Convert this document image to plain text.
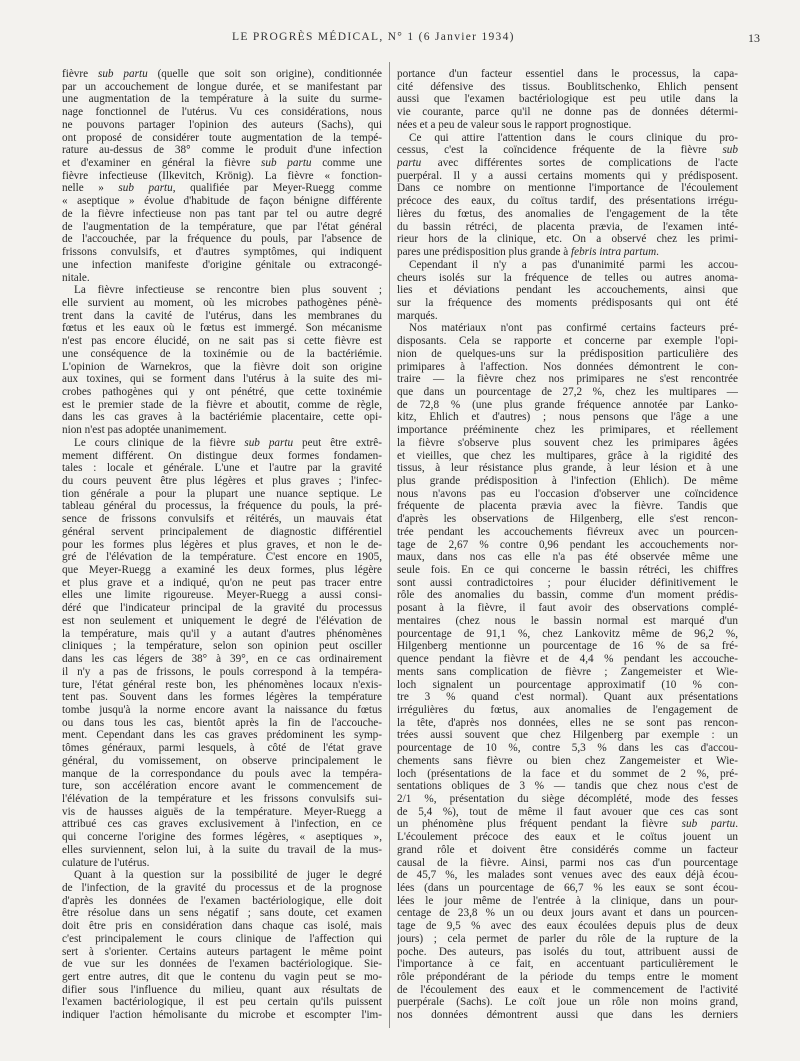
LE PROGRÈS MÉDICAL, N° 1 (6 Janvier 1934)	13
fièvre sub partu (quelle que soit son origine), conditionnée
par un accouchement de longue durée, et se manifestant par
une augmentation de la température à la suite du surme-
nage fonctionnel de l'utérus. Vu ces considérations, nous
ne pouvons partager l'opinion des auteurs (Sachs), qui
ont proposé de considérer toute augmentation de la tempé-
rature au-dessus de 38° comme le produit d'une infection
et d'examiner en général la fièvre sub partu comme une
fièvre infectieuse (Ilkevitch, Krönig). La fièvre « fonction-
nelle » sub partu, qualifiée par Meyer-Ruegg comme
« aseptique » évolue d'habitude de façon bénigne différente
de la fièvre infectieuse non pas tant par tel ou autre degré
de l'augmentation de la température, que par l'état général
de l'accouchée, par la fréquence du pouls, par l'absence de
frissons convulsifs, et d'autres symptômes, qui indiquent
une infection manifeste d'origine génitale ou extracongé-
nitale.
La fièvre infectieuse se rencontre bien plus souvent ;
elle survient au moment, où les microbes pathogènes pénè-
trent dans la cavité de l'utérus, dans les membranes du
fœtus et les eaux où le fœtus est immergé. Son mécanisme
n'est pas encore élucidé, on ne sait pas si cette fièvre est
une conséquence de la toxinémie ou de la bactériémie.
L'opinion de Warnekros, que la fièvre doit son origine
aux toxines, qui se forment dans l'utérus à la suite des mi-
crobes pathogènes qui y ont pénétré, que cette toxinémie
est le premier stade de la fièvre et aboutit, comme de règle,
dans les cas graves à la bactériémie placentaire, cette opi-
nion n'est pas adoptée unanimement.
Le cours clinique de la fièvre sub partu peut être extrê-
mement différent. On distingue deux formes fondamen-
tales : locale et générale. L'une et l'autre par la gravité
du cours peuvent être plus légères et plus graves ; l'infec-
tion générale a pour la plupart une nuance septique. Le
tableau général du processus, la fréquence du pouls, la pré-
sence de frissons convulsifs et réitérés, un mauvais état
général servent principalement de diagnostic différentiel
pour les formes plus légères et plus graves, et non le de-
gré de l'élévation de la température. C'est encore en 1905,
que Meyer-Ruegg a examiné les deux formes, plus légère
et plus grave et a indiqué, qu'on ne peut pas tracer entre
elles une limite rigoureuse. Meyer-Ruegg a aussi consi-
déré que l'indicateur principal de la gravité du processus
est non seulement et uniquement le degré de l'élévation de
la température, mais qu'il y a autant d'autres phénomènes
cliniques ; la température, selon son opinion peut osciller
dans les cas légers de 38° à 39°, en ce cas ordinairement
il n'y a pas de frissons, le pouls correspond à la tempéra-
ture, l'état général reste bon, les phénomènes locaux n'exis-
tent pas. Souvent dans les formes légères la température
tombe jusqu'à la norme encore avant la naissance du fœtus
ou dans tous les cas, bientôt après la fin de l'accouche-
ment. Cependant dans les cas graves prédominent les symp-
tômes généraux, parmi lesquels, à côté de l'état grave
général, du vomissement, on observe principalement le
manque de la correspondance du pouls avec la tempéra-
ture, son accélération encore avant le commencement de
l'élévation de la température et les frissons convulsifs sui-
vis de hausses aiguës de la température. Meyer-Ruegg a
attribué ces cas graves exclusivement à l'infection, en ce
qui concerne l'origine des formes légères, « aseptiques »,
elles surviennent, selon lui, à la suite du travail de la mus-
culature de l'utérus.
Quant à la question sur la possibilité de juger le degré
de l'infection, de la gravité du processus et de la prognose
d'après les données de l'examen bactériologique, elle doit
être résolue dans un sens négatif ; sans doute, cet examen
doit être pris en considération dans chaque cas isolé, mais
c'est principalement le cours clinique de l'affection qui
sert à s'orienter. Certains auteurs partagent le même point
de vue sur les données de l'examen bactériologique. Sie-
gert entre autres, dit que le contenu du vagin peut se mo-
difier sous l'influence du milieu, quant aux résultats de
l'examen bactériologique, il est peu certain qu'ils puissent
indiquer l'action hémolisante du microbe et escompter l'im-
portance d'un facteur essentiel dans le processus, la capa-
cité défensive des tissus. Boublitschenko, Ehlich pensent
aussi que l'examen bactériologique est peu utile dans la
vie courante, parce qu'il ne donne pas de données détermi-
nées et a peu de valeur sous le rapport prognostique.
Ce qui attire l'attention dans le cours clinique du pro-
cessus, c'est la coïncidence fréquente de la fièvre sub
partu avec différentes sortes de complications de l'acte
puerpéral. Il y a aussi certains moments qui y prédisposent.
Dans ce nombre on mentionne l'importance de l'écoulement
précoce des eaux, du coïtus tardif, des présentations irrégu-
lières du fœtus, des anomalies de l'engagement de la tête
du bassin rétréci, de placenta prævia, de l'examen inté-
rieur hors de la clinique, etc. On a observé chez les primi-
pares une prédisposition plus grande à febris intra partum.
Cependant il n'y a pas d'unanimité parmi les accou-
cheurs isolés sur la fréquence de telles ou autres anoma-
lies et déviations pendant les accouchements, ainsi que
sur la fréquence des moments prédisposants qui ont été
marqués.
Nos matériaux n'ont pas confirmé certains facteurs pré-
disposants. Cela se rapporte et concerne par exemple l'opi-
nion de quelques-uns sur la prédisposition particulière des
primipares à l'affection. Nos données démontrent le con-
traire — la fièvre chez nos primipares ne s'est rencontrée
que dans un pourcentage de 27,2 %, chez les multipares —
de 72,8 % (une plus grande fréquence annotée par Lanko-
kitz, Ehlich et d'autres) ; nous pensons que l'âge a une
importance prééminente chez les primipares, et réellement
la fièvre s'observe plus souvent chez les primipares âgées
et vieilles, que chez les multipares, grâce à la rigidité des
tissus, à leur résistance plus grande, à leur lésion et à une
plus grande prédisposition à l'infection (Ehlich). De même
nous n'avons pas eu l'occasion d'observer une coïncidence
fréquente de placenta prævia avec la fièvre. Tandis que
d'après les observations de Hilgenberg, elle s'est rencon-
trée pendant les accouchements fiévreux avec un pourcen-
tage de 2,67 % contre 0,96 pendant les accouchements nor-
maux, dans nos cas elle n'a pas été observée même une
seule fois. En ce qui concerne le bassin rétréci, les chiffres
sont aussi contradictoires ; pour élucider définitivement le
rôle des anomalies du bassin, comme d'un moment prédis-
posant à la fièvre, il faut avoir des observations complé-
mentaires (chez nous le bassin normal est marqué d'un
pourcentage de 91,1 %, chez Lankovitz même de 96,2 %,
Hilgenberg mentionne un pourcentage de 16 % de sa fré-
quence pendant la fièvre et de 4,4 % pendant les accouche-
ments sans complication de fièvre ; Zangemeister et Wie-
loch signalent un pourcentage approximatif (10 % con-
tre 3 % quand c'est normal). Quant aux présentations
irrégulières du fœtus, aux anomalies de l'engagement de
la tête, d'après nos données, elles ne se sont pas rencon-
trées aussi souvent que chez Hilgenberg par exemple : un
pourcentage de 10 %, contre 5,3 % dans les cas d'accou-
chements sans fièvre ou bien chez Zangemeister et Wie-
loch (présentations de la face et du sommet de 2 %, pré-
sentations obliques de 3 % — tandis que chez nous c'est de
2/1 %, présentation du siège décomplété, mode des fesses
de 5,4 %), tout de même il faut avouer que ces cas sont
un phénomène plus fréquent pendant la fièvre sub partu.
L'écoulement précoce des eaux et le coïtus jouent un
grand rôle et doivent être considérés comme un facteur
causal de la fièvre. Ainsi, parmi nos cas d'un pourcentage
de 45,7 %, les malades sont venues avec des eaux déjà écou-
lées (dans un pourcentage de 66,7 % les eaux se sont écou-
lées le jour même de l'entrée à la clinique, dans un pour-
centage de 23,8 % un ou deux jours avant et dans un pourcen-
tage de 9,5 % avec des eaux écoulées depuis plus de deux
jours) ; cela permet de parler du rôle de la rupture de la
poche. Des auteurs, pas isolés du tout, attribuent aussi de
l'importance à ce fait, en accentuant particulièrement le
rôle prépondérant de la période du temps entre le moment
de l'écoulement des eaux et le commencement de l'activité
puerpérale (Sachs). Le coït joue un rôle non moins grand,
nos données démontrent aussi que dans les derniers
